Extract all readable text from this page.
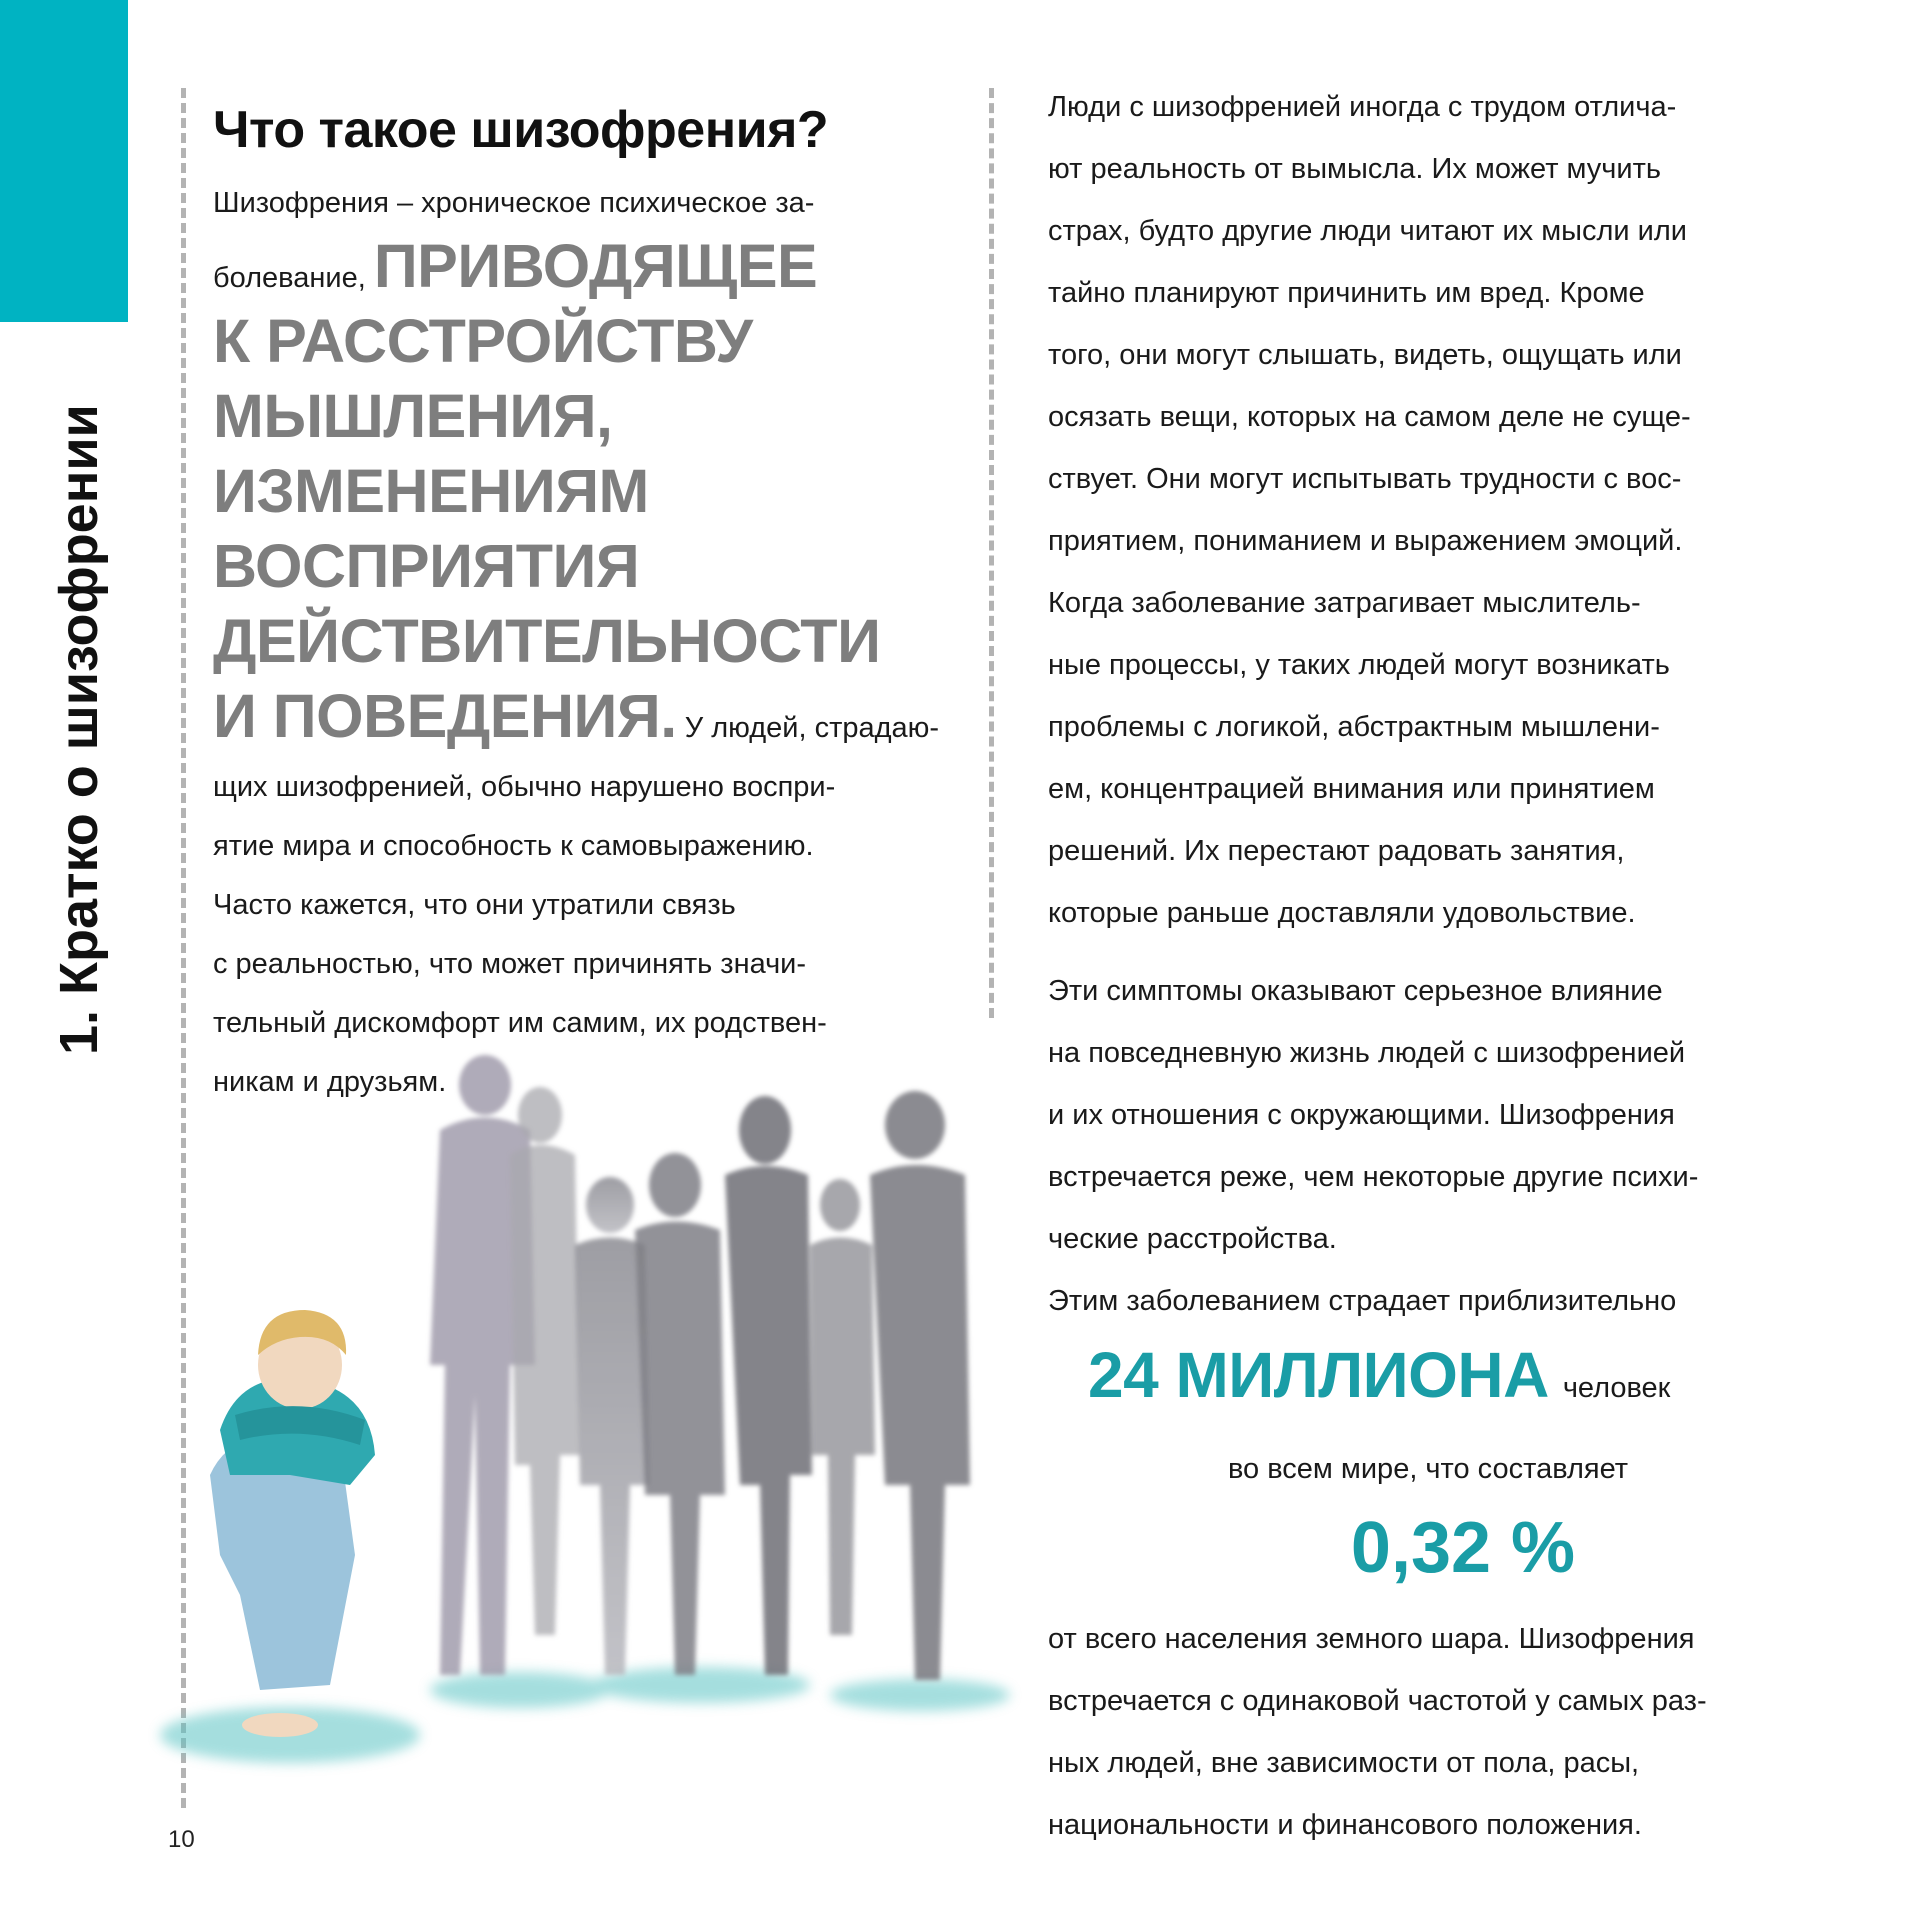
1. Кратко о шизофрении
Что такое шизофрения?

Шизофрения – хроническое психическое за-
болевание, ПРИВОДЯЩЕЕ
К РАССТРОЙСТВУ
МЫШЛЕНИЯ, ИЗМЕНЕНИЯМ
ВОСПРИЯТИЯ
ДЕЙСТВИТЕЛЬНОСТИ
И ПОВЕДЕНИЯ. У людей, страдаю-
щих шизофренией, обычно нарушено воспри-
ятие мира и способность к самовыражению.
Часто кажется, что они утратили связь
с реальностью, что может причинять значи-
тельный дискомфорт им самим, их родствен-
никам и друзьям.

Люди с шизофренией иногда с трудом отлича-
ют реальность от вымысла. Их может мучить
страх, будто другие люди читают их мысли или
тайно планируют причинить им вред. Кроме
того, они могут слышать, видеть, ощущать или
осязать вещи, которых на самом деле не суще-
ствует. Они могут испытывать трудности с вос-
приятием, пониманием и выражением эмоций.
Когда заболевание затрагивает мыслитель-
ные процессы, у таких людей могут возникать
проблемы с логикой, абстрактным мышлени-
ем, концентрацией внимания или принятием
решений. Их перестают радовать занятия,
которые раньше доставляли удовольствие.

Эти симптомы оказывают серьезное влияние
на повседневную жизнь людей с шизофренией
и их отношения с окружающими. Шизофрения
встречается реже, чем некоторые другие психи-
ческие расстройства.
Этим заболеванием страдает приблизительно

24 МИЛЛИОНА человек

во всем мире, что составляет

0,32 %

от всего населения земного шара. Шизофрения
встречается с одинаковой частотой у самых раз-
ных людей, вне зависимости от пола, расы,
национальности и финансового положения.

10
